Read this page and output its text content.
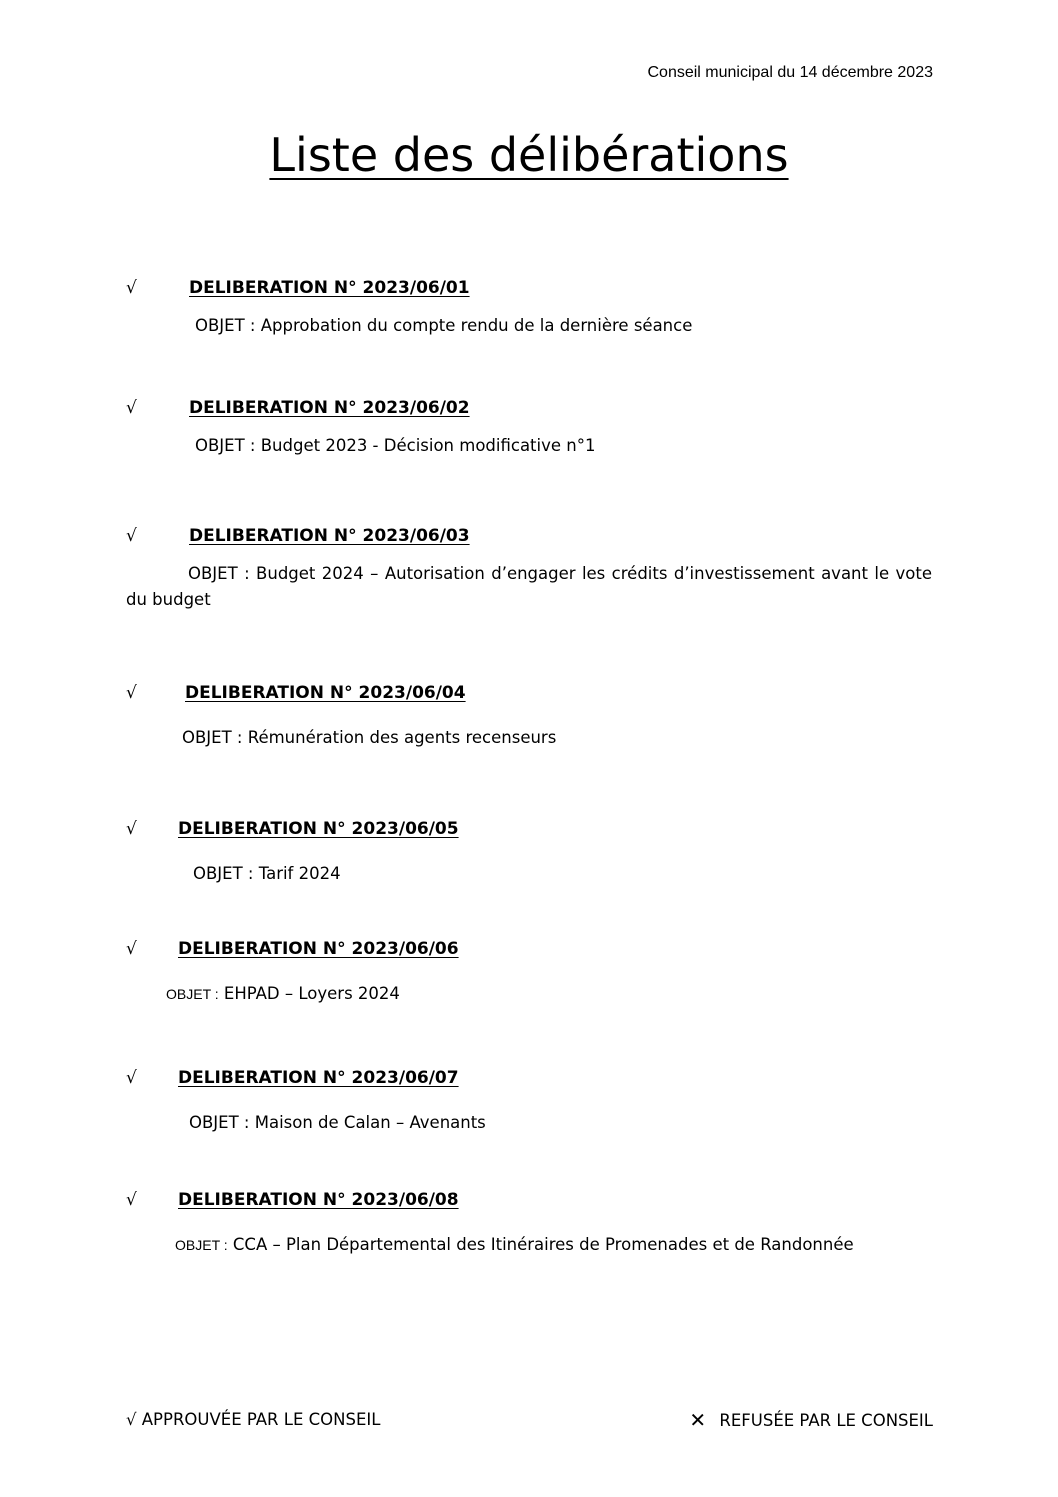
Conseil municipal du 14 décembre 2023
Liste des délibérations
√	DELIBERATION N° 2023/06/01
OBJET : Approbation du compte rendu de la dernière séance
√	DELIBERATION N° 2023/06/02
OBJET : Budget 2023 - Décision modificative n°1
√	DELIBERATION N° 2023/06/03
OBJET : Budget 2024 – Autorisation d’engager les crédits d’investissement avant le vote du budget
√	DELIBERATION N° 2023/06/04
OBJET : Rémunération des agents recenseurs
√ DELIBERATION N° 2023/06/05
OBJET : Tarif 2024
√ DELIBERATION N° 2023/06/06
OBJET : EHPAD – Loyers 2024
√ DELIBERATION N° 2023/06/07
OBJET : Maison de Calan – Avenants
√ DELIBERATION N° 2023/06/08
OBJET : CCA – Plan Départemental des Itinéraires de Promenades et de Randonnée
√ APPROUVÉE PAR LE CONSEIL	✕ REFUSÉE PAR LE CONSEIL
